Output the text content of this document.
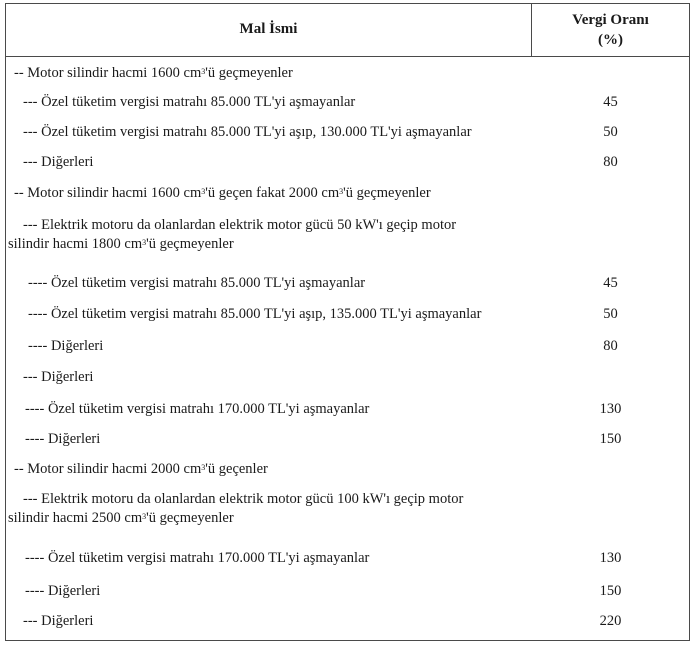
Mal İsmi
Vergi Oranı
(%)
-- Motor silindir hacmi 1600 $cm^3'ü$ geçmeyenler
--- Özel tüketim vergisi matrahı 85.000 TL'yi aşmayanlar	45
--- Özel tüketim vergisi matrahı 85.000 TL'yi aşıp, 130.000 TL'yi aşmayanlar	50
--- Diğerleri	80
-- Motor silindir hacmi 1600 $cm^3'ü$ geçen fakat 2000 $cm^3'ü$ geçmeyenler
--- Elektrik motoru da olanlardan elektrik motor gücü 50 kW'ı geçip motor
silindir hacmi 1800 $cm^3'ü$ geçmeyenler
---- Özel tüketim vergisi matrahı 85.000 TL'yi aşmayanlar	45
---- Özel tüketim vergisi matrahı 85.000 TL'yi aşıp, 135.000 TL'yi aşmayanlar	50
---- Diğerleri	80
--- Diğerleri
---- Özel tüketim vergisi matrahı 170.000 TL'yi aşmayanlar	130
---- Diğerleri	150
-- Motor silindir hacmi 2000 $cm^3'ü$ geçenler
--- Elektrik motoru da olanlardan elektrik motor gücü 100 kW'ı geçip motor
silindir hacmi 2500 $cm^3'ü$ geçmeyenler
---- Özel tüketim vergisi matrahı 170.000 TL'yi aşmayanlar	130
---- Diğerleri	150
--- Diğerleri	220
